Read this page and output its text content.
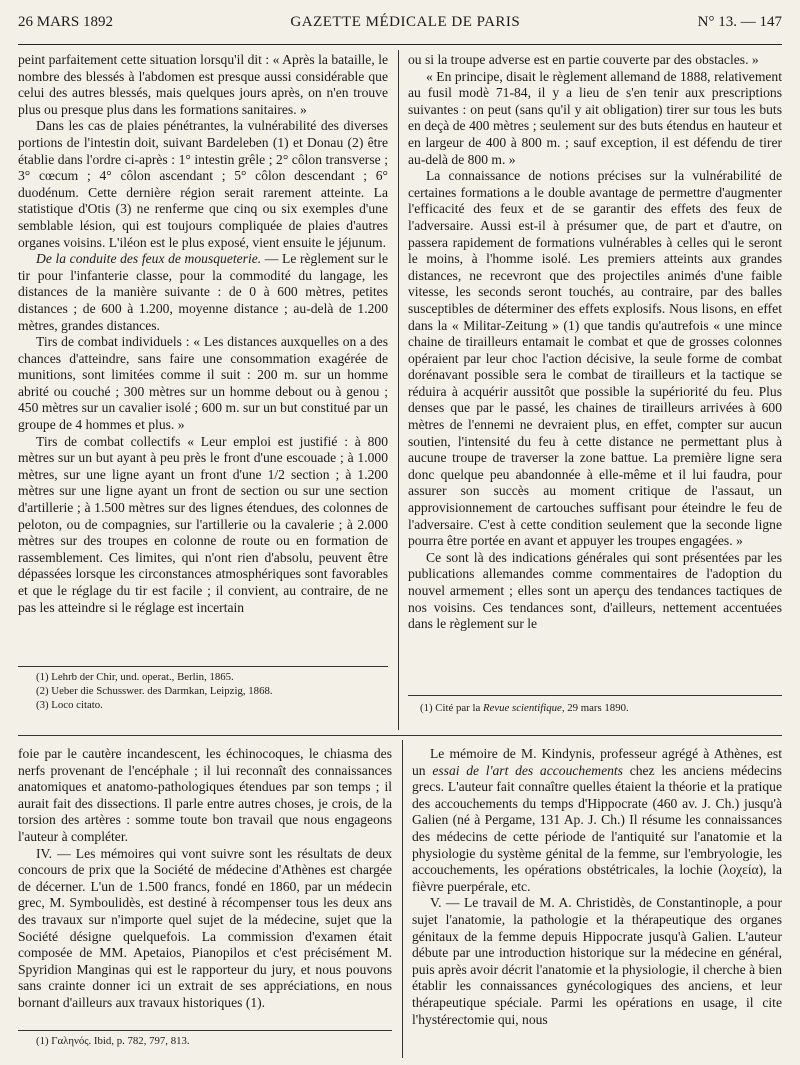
26 MARS 1892	GAZETTE MÉDICALE DE PARIS	N° 13. — 147

peint parfaitement cette situation lorsqu'il dit : « Après la bataille, le nombre des blessés à l'abdomen est presque aussi considérable que celui des autres blessés, mais quelques jours après, on n'en trouve plus ou presque plus dans les formations sanitaires. »

Dans les cas de plaies pénétrantes, la vulnérabilité des diverses portions de l'intestin doit, suivant Bardeleben (1) et Donau (2) être établie dans l'ordre ci-après : 1° intestin grêle ; 2° côlon transverse ; 3° cœcum ; 4° côlon ascendant ; 5° côlon descendant ; 6° duodénum. Cette dernière région serait rarement atteinte. La statistique d'Otis (3) ne renferme que cinq ou six exemples d'une semblable lésion, qui est toujours compliquée de plaies d'autres organes voisins. L'iléon est le plus exposé, vient ensuite le jéjunum.

De la conduite des feux de mousqueterie. — Le règlement sur le tir pour l'infanterie classe, pour la commodité du langage, les distances de la manière suivante : de 0 à 600 mètres, petites distances ; de 600 à 1.200, moyenne distance ; au-delà de 1.200 mètres, grandes distances.

Tirs de combat individuels : « Les distances auxquelles on a des chances d'atteindre, sans faire une consommation exagérée de munitions, sont limitées comme il suit : 200 m. sur un homme abrité ou couché ; 300 mètres sur un homme debout ou à genou ; 450 mètres sur un cavalier isolé ; 600 m. sur un but constitué par un groupe de 4 hommes et plus. »

Tirs de combat collectifs « Leur emploi est justifié : à 800 mètres sur un but ayant à peu près le front d'une escouade ; à 1.000 mètres, sur une ligne ayant un front d'une 1/2 section ; à 1.200 mètres sur une ligne ayant un front de section ou sur une section d'artillerie ; à 1.500 mètres sur des lignes étendues, des colonnes de peloton, ou de compagnies, sur l'artillerie ou la cavalerie ; à 2.000 mètres sur des troupes en colonne de route ou en formation de rassemblement. Ces limites, qui n'ont rien d'absolu, peuvent être dépassées lorsque les circonstances atmosphériques sont favorables et que le réglage du tir est facile ; il convient, au contraire, de ne pas les atteindre si le réglage est incertain

(1) Lehrb der Chir, und. operat., Berlin, 1865.
(2) Ueber die Schusswer. des Darmkan, Leipzig, 1868.
(3) Loco citato.

ou si la troupe adverse est en partie couverte par des obstacles. »

« En principe, disait le règlement allemand de 1888, relativement au fusil modè 71-84, il y a lieu de s'en tenir aux prescriptions suivantes : on peut (sans qu'il y ait obligation) tirer sur tous les buts en deçà de 400 mètres ; seulement sur des buts étendus en hauteur et en largeur de 400 à 800 m. ; sauf exception, il est défendu de tirer au-delà de 800 m. »

La connaissance de notions précises sur la vulnérabilité de certaines formations a le double avantage de permettre d'augmenter l'efficacité des feux et de se garantir des effets des feux de l'adversaire. Aussi est-il à présumer que, de part et d'autre, on passera rapidement de formations vulnérables à celles qui le seront le moins, à l'homme isolé. Les premiers atteints aux grandes distances, ne recevront que des projectiles animés d'une faible vitesse, les seconds seront touchés, au contraire, par des balles susceptibles de déterminer des effets explosifs. Nous lisons, en effet dans la « Militar-Zeitung » (1) que tandis qu'autrefois « une mince chaine de tirailleurs entamait le combat et que de grosses colonnes opéraient par leur choc l'action décisive, la seule forme de combat dorénavant possible sera le combat de tirailleurs et la tactique se réduira à acquérir aussitôt que possible la supériorité du feu. Plus denses que par le passé, les chaines de tirailleurs arrivées à 600 mètres de l'ennemi ne devraient plus, en effet, compter sur aucun soutien, l'intensité du feu à cette distance ne permettant plus à aucune troupe de traverser la zone battue. La première ligne sera donc quelque peu abandonnée à elle-même et il lui faudra, pour assurer son succès au moment critique de l'assaut, un approvisionnement de cartouches suffisant pour éteindre le feu de l'adversaire. C'est à cette condition seulement que la seconde ligne pourra être portée en avant et appuyer les troupes engagées. »

Ce sont là des indications générales qui sont présentées par les publications allemandes comme commentaires de l'adoption du nouvel armement ; elles sont un aperçu des tendances tactiques de nos voisins. Ces tendances sont, d'ailleurs, nettement accentuées dans le règlement sur le

(1) Cité par la Revue scientifique, 29 mars 1890.

foie par le cautère incandescent, les échinocoques, le chiasma des nerfs provenant de l'encéphale ; il lui reconnaît des connaissances anatomiques et anatomo-pathologiques étendues par son temps ; il aurait fait des dissections. Il parle entre autres choses, je crois, de la torsion des artères : somme toute bon travail que nous engageons l'auteur à compléter.

IV. — Les mémoires qui vont suivre sont les résultats de deux concours de prix que la Société de médecine d'Athènes est chargée de décerner. L'un de 1.500 francs, fondé en 1860, par un médecin grec, M. Symboulidès, est destiné à récompenser tous les deux ans des travaux sur n'importe quel sujet de la médecine, sujet que la Société désigne quelquefois. La commission d'examen était composée de MM. Apetaios, Pianopilos et c'est précisément M. Spyridion Manginas qui est le rapporteur du jury, et nous pouvons sans crainte donner ici un extrait de ses appréciations, en nous bornant d'ailleurs aux travaux historiques (1).

(1) Γαληνός. Ibid, p. 782, 797, 813.

Le mémoire de M. Kindynis, professeur agrégé à Athènes, est un essai de l'art des accouchements chez les anciens médecins grecs. L'auteur fait connaître quelles étaient la théorie et la pratique des accouchements du temps d'Hippocrate (460 av. J. Ch.) jusqu'à Galien (né à Pergame, 131 Ap. J. Ch.) Il résume les connaissances des médecins de cette période de l'antiquité sur l'anatomie et la physiologie du système génital de la femme, sur l'embryologie, les accouchements, les opérations obstétricales, la lochie (λοχεία), la fièvre puerpérale, etc.

V. — Le travail de M. A. Christidès, de Constantinople, a pour sujet l'anatomie, la pathologie et la thérapeutique des organes génitaux de la femme depuis Hippocrate jusqu'à Galien. L'auteur débute par une introduction historique sur la médecine en général, puis après avoir décrit l'anatomie et la physiologie, il cherche à bien établir les connaissances gynécologiques des anciens, et leur thérapeutique spéciale. Parmi les opérations en usage, il cite l'hystérectomie qui, nous
